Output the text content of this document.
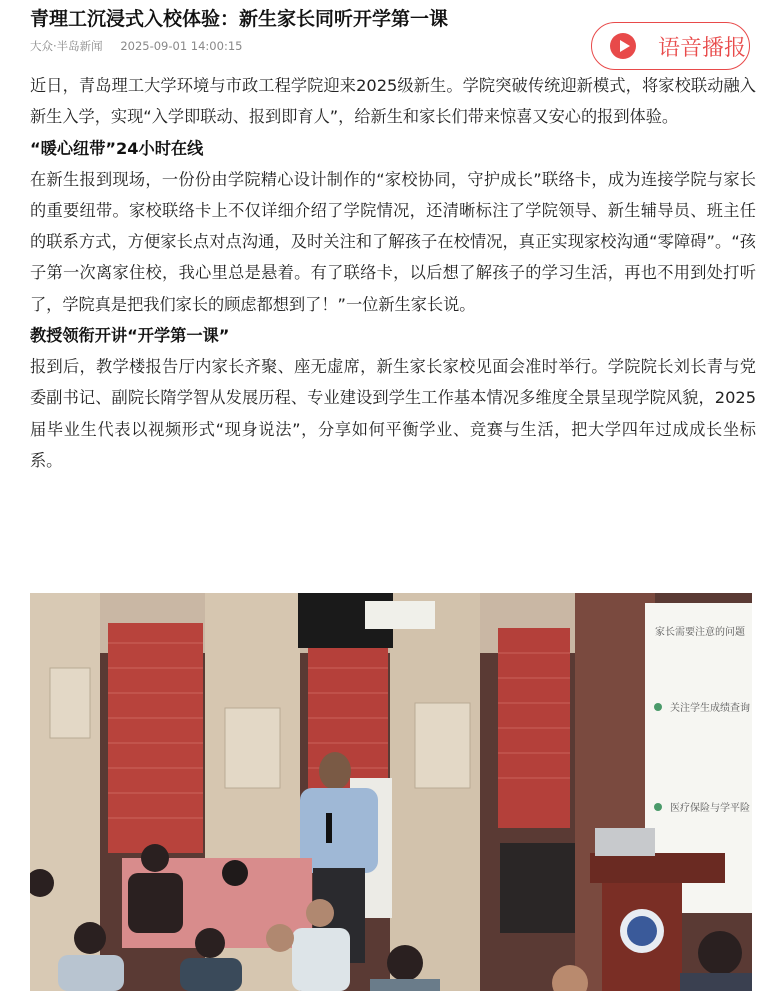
青理工沉浸式入校体验：新生家长同听开学第一课
大众·半岛新闻 2025-09-01 14:00:15	语音播报

近日，青岛理工大学环境与市政工程学院迎来2025级新生。学院突破传统迎新模式，将家校联动融入新生入学，实现“入学即联动、报到即育人”，给新生和家长们带来惊喜又安心的报到体验。

“暖心纽带”24小时在线

在新生报到现场，一份份由学院精心设计制作的“家校协同，守护成长”联络卡，成为连接学院与家长的重要纽带。家校联络卡上不仅详细介绍了学院情况，还清晰标注了学院领导、新生辅导员、班主任的联系方式，方便家长点对点沟通，及时关注和了解孩子在校情况，真正实现家校沟通“零障碍”。“孩子第一次离家住校，我心里总是悬着。有了联络卡，以后想了解孩子的学习生活，再也不用到处打听了，学院真是把我们家长的顾虑都想到了！”一位新生家长说。

教授领衔开讲“开学第一课”

报到后，教学楼报告厅内家长齐聚、座无虚席，新生家长家校见面会准时举行。学院院长刘长青与党委副书记、副院长隋学智从发展历程、专业建设到学生工作基本情况多维度全景呈现学院风貌，2025届毕业生代表以视频形式“现身说法”，分享如何平衡学业、竞赛与生活，把大学四年过成成长坐标系。

家长需要注意的问题
关注学生成绩查询
医疗保险与学平险
